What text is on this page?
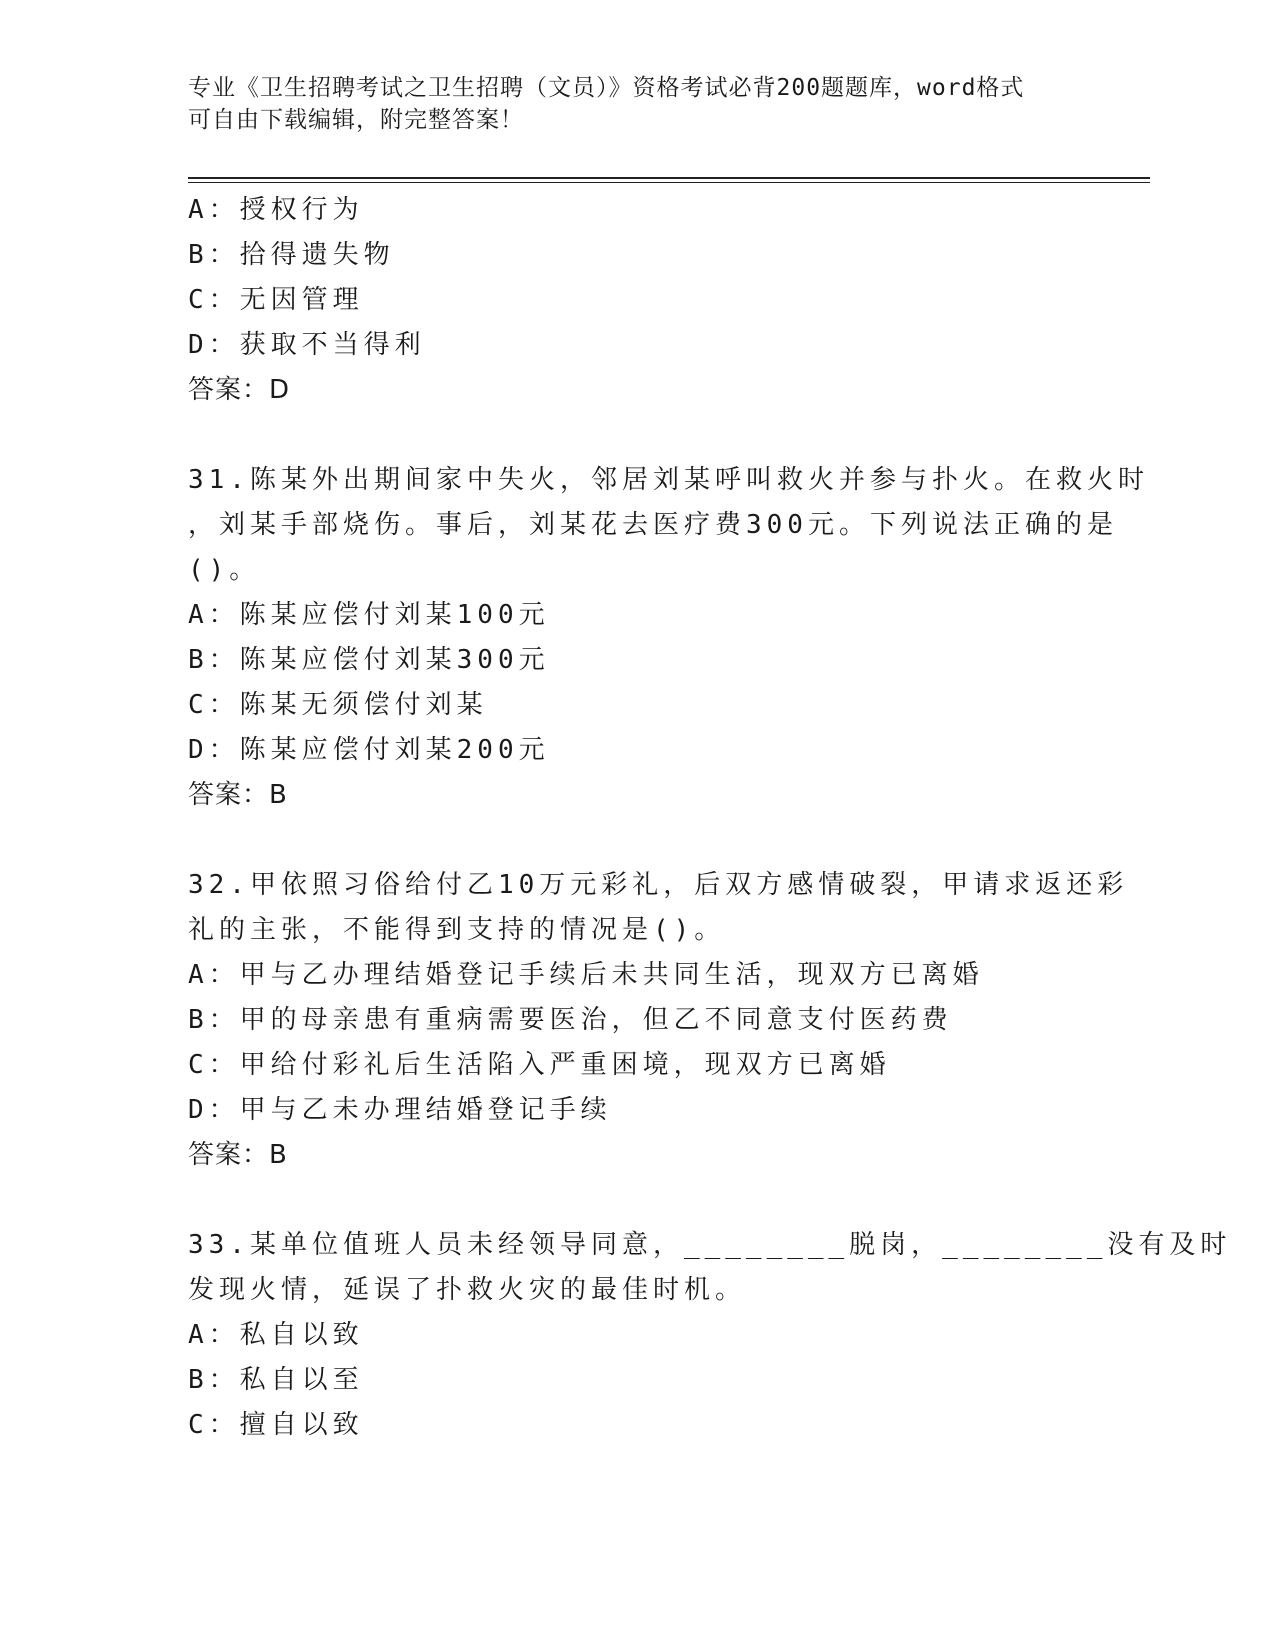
专业《卫生招聘考试之卫生招聘（文员）》资格考试必背200题题库，word格式
可自由下载编辑，附完整答案！
A：授权行为
B：拾得遗失物
C：无因管理
D：获取不当得利
答案：D
31.陈某外出期间家中失火，邻居刘某呼叫救火并参与扑火。在救火时
，刘某手部烧伤。事后，刘某花去医疗费300元。下列说法正确的是
()。
A：陈某应偿付刘某100元
B：陈某应偿付刘某300元
C：陈某无须偿付刘某
D：陈某应偿付刘某200元
答案：B
32.甲依照习俗给付乙10万元彩礼，后双方感情破裂，甲请求返还彩
礼的主张，不能得到支持的情况是()。
A：甲与乙办理结婚登记手续后未共同生活，现双方已离婚
B：甲的母亲患有重病需要医治，但乙不同意支付医药费
C：甲给付彩礼后生活陷入严重困境，现双方已离婚
D：甲与乙未办理结婚登记手续
答案：B
33.某单位值班人员未经领导同意，________脱岗，________没有及时
发现火情，延误了扑救火灾的最佳时机。
A：私自以致
B：私自以至
C：擅自以致
